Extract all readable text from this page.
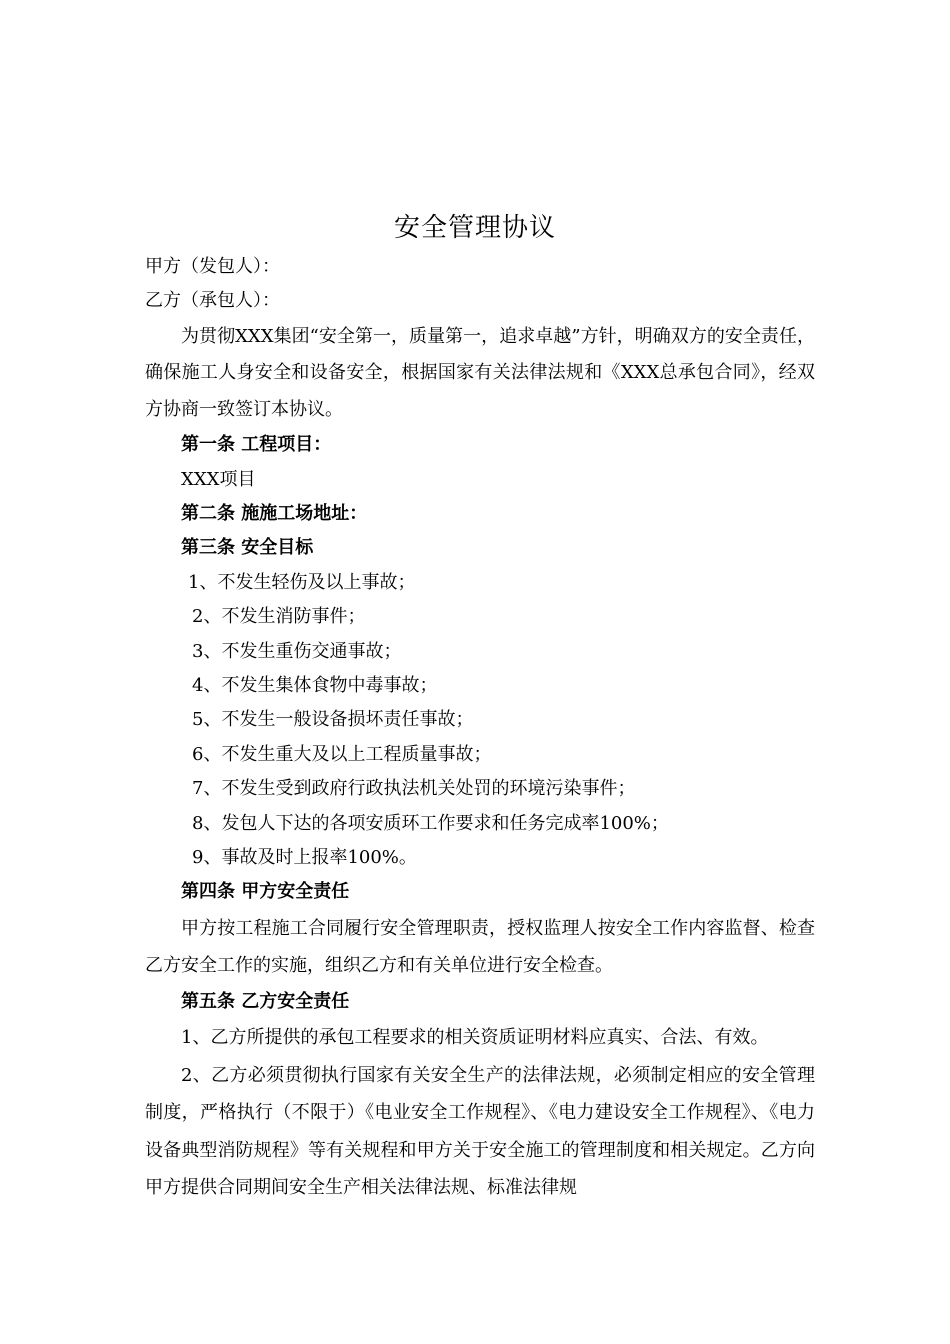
安全管理协议
甲方（发包人）：
乙方（承包人）：
为贯彻XXX集团“安全第一，质量第一，追求卓越”方针，明确双方的安全责任，确保施工人身安全和设备安全，根据国家有关法律法规和《XXX总承包合同》，经双方协商一致签订本协议。
第一条 工程项目：
XXX项目
第二条 施施工场地址：
第三条 安全目标
1、不发生轻伤及以上事故；
2、不发生消防事件；
3、不发生重伤交通事故；
4、不发生集体食物中毒事故；
5、不发生一般设备损坏责任事故；
6、不发生重大及以上工程质量事故；
7、不发生受到政府行政执法机关处罚的环境污染事件；
8、发包人下达的各项安质环工作要求和任务完成率100%；
9、事故及时上报率100%。
第四条 甲方安全责任
甲方按工程施工合同履行安全管理职责，授权监理人按安全工作内容监督、检查乙方安全工作的实施，组织乙方和有关单位进行安全检查。
第五条 乙方安全责任
1、乙方所提供的承包工程要求的相关资质证明材料应真实、合法、有效。
2、乙方必须贯彻执行国家有关安全生产的法律法规，必须制定相应的安全管理制度，严格执行（不限于）《电业安全工作规程》、《电力建设安全工作规程》、《电力设备典型消防规程》等有关规程和甲方关于安全施工的管理制度和相关规定。乙方向甲方提供合同期间安全生产相关法律法规、标准法律规
